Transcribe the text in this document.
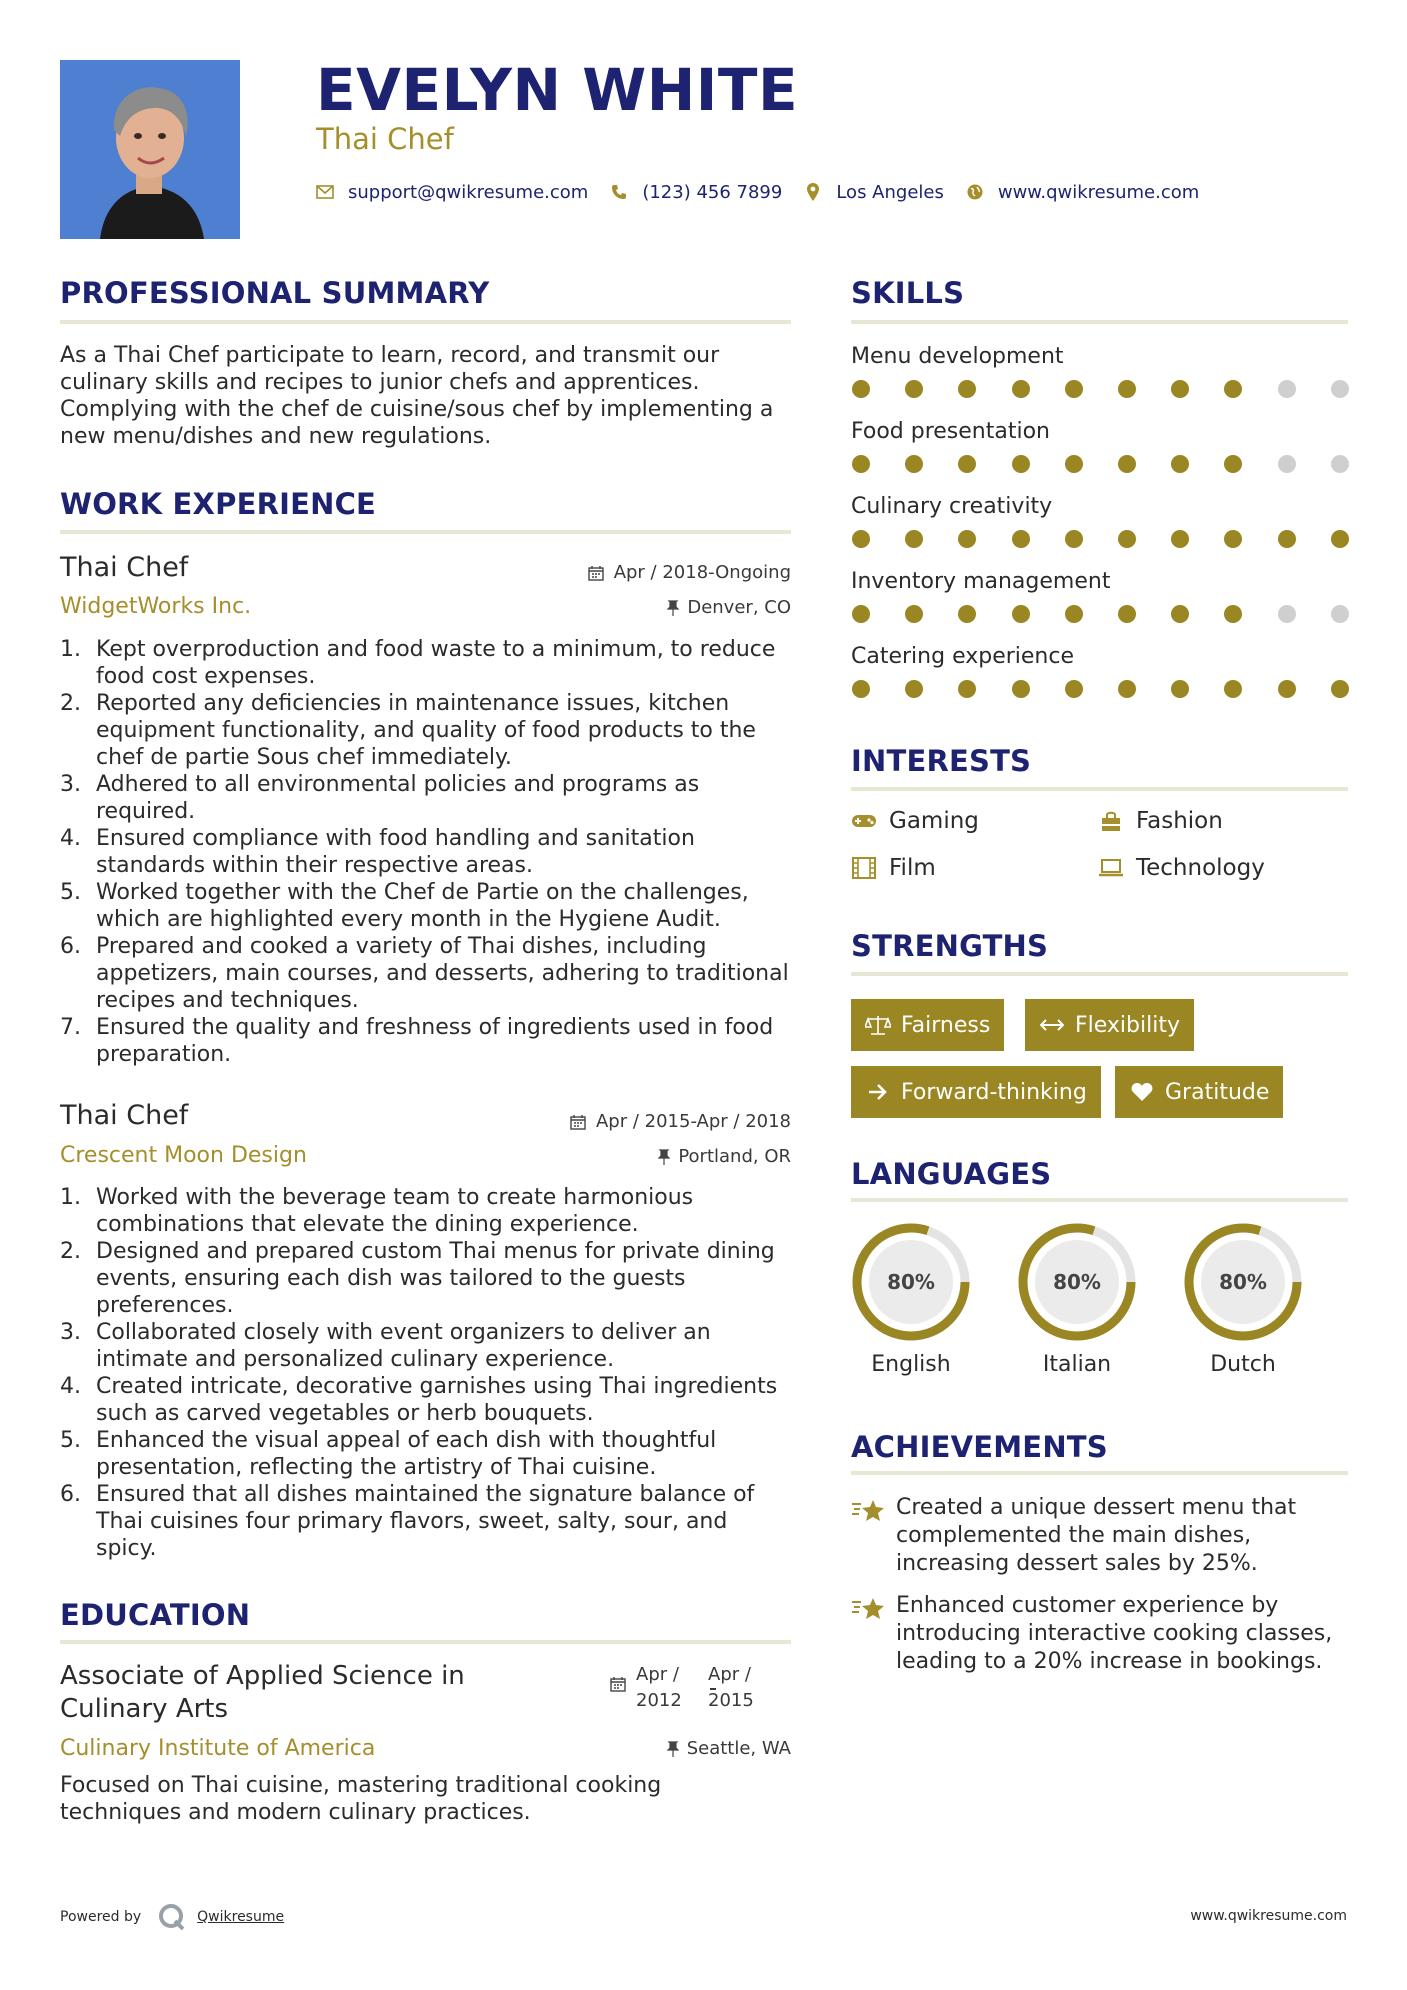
EVELYN WHITE
Thai Chef
support@qwikresume.com	(123) 456 7899	Los Angeles	www.qwikresume.com
PROFESSIONAL SUMMARY
As a Thai Chef participate to learn, record, and transmit our culinary skills and recipes to junior chefs and apprentices. Complying with the chef de cuisine/sous chef by implementing a new menu/dishes and new regulations.
WORK EXPERIENCE
Thai Chef	Apr / 2018-Ongoing
WidgetWorks Inc.	Denver, CO
1. Kept overproduction and food waste to a minimum, to reduce food cost expenses.
2. Reported any deficiencies in maintenance issues, kitchen equipment functionality, and quality of food products to the chef de partie Sous chef immediately.
3. Adhered to all environmental policies and programs as required.
4. Ensured compliance with food handling and sanitation standards within their respective areas.
5. Worked together with the Chef de Partie on the challenges, which are highlighted every month in the Hygiene Audit.
6. Prepared and cooked a variety of Thai dishes, including appetizers, main courses, and desserts, adhering to traditional recipes and techniques.
7. Ensured the quality and freshness of ingredients used in food preparation.
Thai Chef	Apr / 2015-Apr / 2018
Crescent Moon Design	Portland, OR
1. Worked with the beverage team to create harmonious combinations that elevate the dining experience.
2. Designed and prepared custom Thai menus for private dining events, ensuring each dish was tailored to the guests preferences.
3. Collaborated closely with event organizers to deliver an intimate and personalized culinary experience.
4. Created intricate, decorative garnishes using Thai ingredients such as carved vegetables or herb bouquets.
5. Enhanced the visual appeal of each dish with thoughtful presentation, reflecting the artistry of Thai cuisine.
6. Ensured that all dishes maintained the signature balance of Thai cuisines four primary flavors, sweet, salty, sour, and spicy.
EDUCATION
Associate of Applied Science in
Culinary Arts
Apr /
2012
Apr /
2015
Culinary Institute of America	Seattle, WA
Focused on Thai cuisine, mastering traditional cooking techniques and modern culinary practices.
SKILLS
Menu development
Food presentation
Culinary creativity
Inventory management
Catering experience
INTERESTS
Gaming	Fashion
Film	Technology
STRENGTHS
Fairness	Flexibility
Forward-thinking	Gratitude
LANGUAGES
80%
English
80%
Italian
80%
Dutch
ACHIEVEMENTS
Created a unique dessert menu that complemented the main dishes, increasing dessert sales by 25%.
Enhanced customer experience by introducing interactive cooking classes, leading to a 20% increase in bookings.
Powered by	Qwikresume	www.qwikresume.com
